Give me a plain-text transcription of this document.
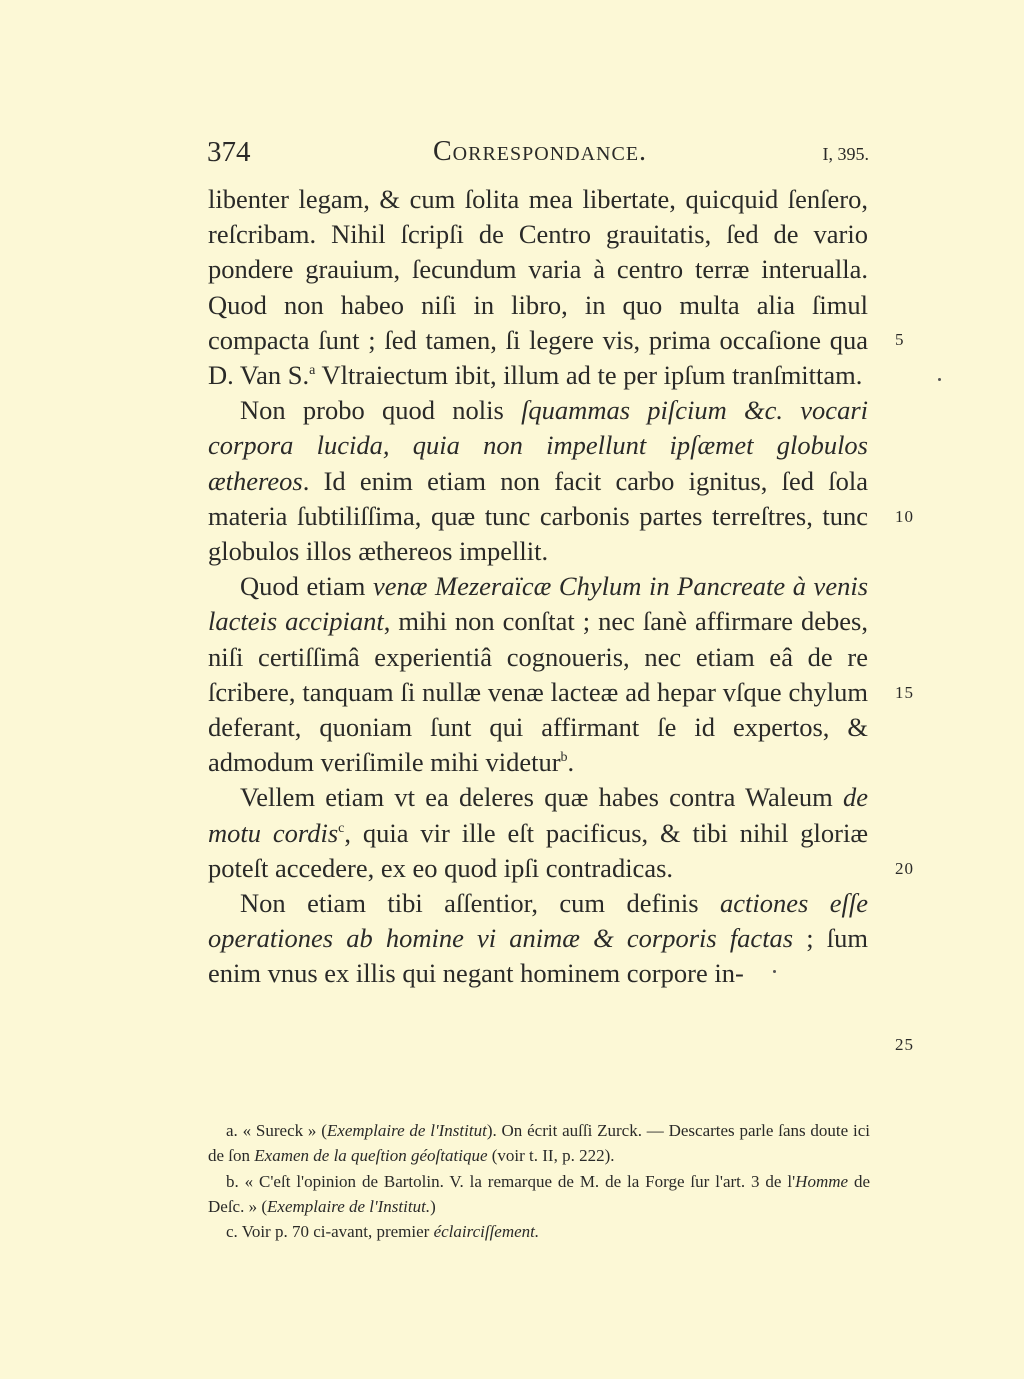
374	Correspondance.	I, 395.

libenter legam, & cum ſolita mea libertate, quicquid ſenſero, reſcribam. Nihil ſcripſi de Centro grauitatis, ſed de vario pondere grauium, ſecundum varia à centro terræ interualla. Quod non habeo niſi in libro, in quo multa alia ſimul compacta ſunt ; ſed tamen, ſi legere vis, prima occaſione qua D. Van S.$^a$ Vltraiectum ibit, illum ad te per ipſum tranſmittam.

Non probo quod nolis ſquammas piſcium &c. vocari corpora lucida, quia non impellunt ipſæmet globulos æthereos. Id enim etiam non facit carbo ignitus, ſed ſola materia ſubtiliſſima, quæ tunc carbonis partes terreſtres, tunc globulos illos æthereos impellit.

Quod etiam venæ Mezeraïcæ Chylum in Pancreate à venis lacteis accipiant, mihi non conſtat ; nec ſanè affirmare debes, niſi certiſſimâ experientiâ cognoueris, nec etiam eâ de re ſcribere, tanquam ſi nullæ venæ lacteæ ad hepar vſque chylum deferant, quoniam ſunt qui affirmant ſe id expertos, & admodum veriſimile mihi videtur$^b$.

Vellem etiam vt ea deleres quæ habes contra Waleum de motu cordis$^c$, quia vir ille eſt pacificus, & tibi nihil gloriæ poteſt accedere, ex eo quod ipſi contradicas.

Non etiam tibi aſſentior, cum definis actiones eſſe operationes ab homine vi animæ & corporis factas ; ſum enim vnus ex illis qui negant hominem corpore in-

5
10
15
20
25

a. « Sureck » (Exemplaire de l'Institut). On écrit auſſi Zurck. — Descartes parle ſans doute ici de ſon Examen de la queſtion géoſtatique (voir t. II, p. 222).

b. « C'eſt l'opinion de Bartolin. V. la remarque de M. de la Forge ſur l'art. 3 de l'Homme de Deſc. » (Exemplaire de l'Institut.)

c. Voir p. 70 ci-avant, premier éclairciſſement.
